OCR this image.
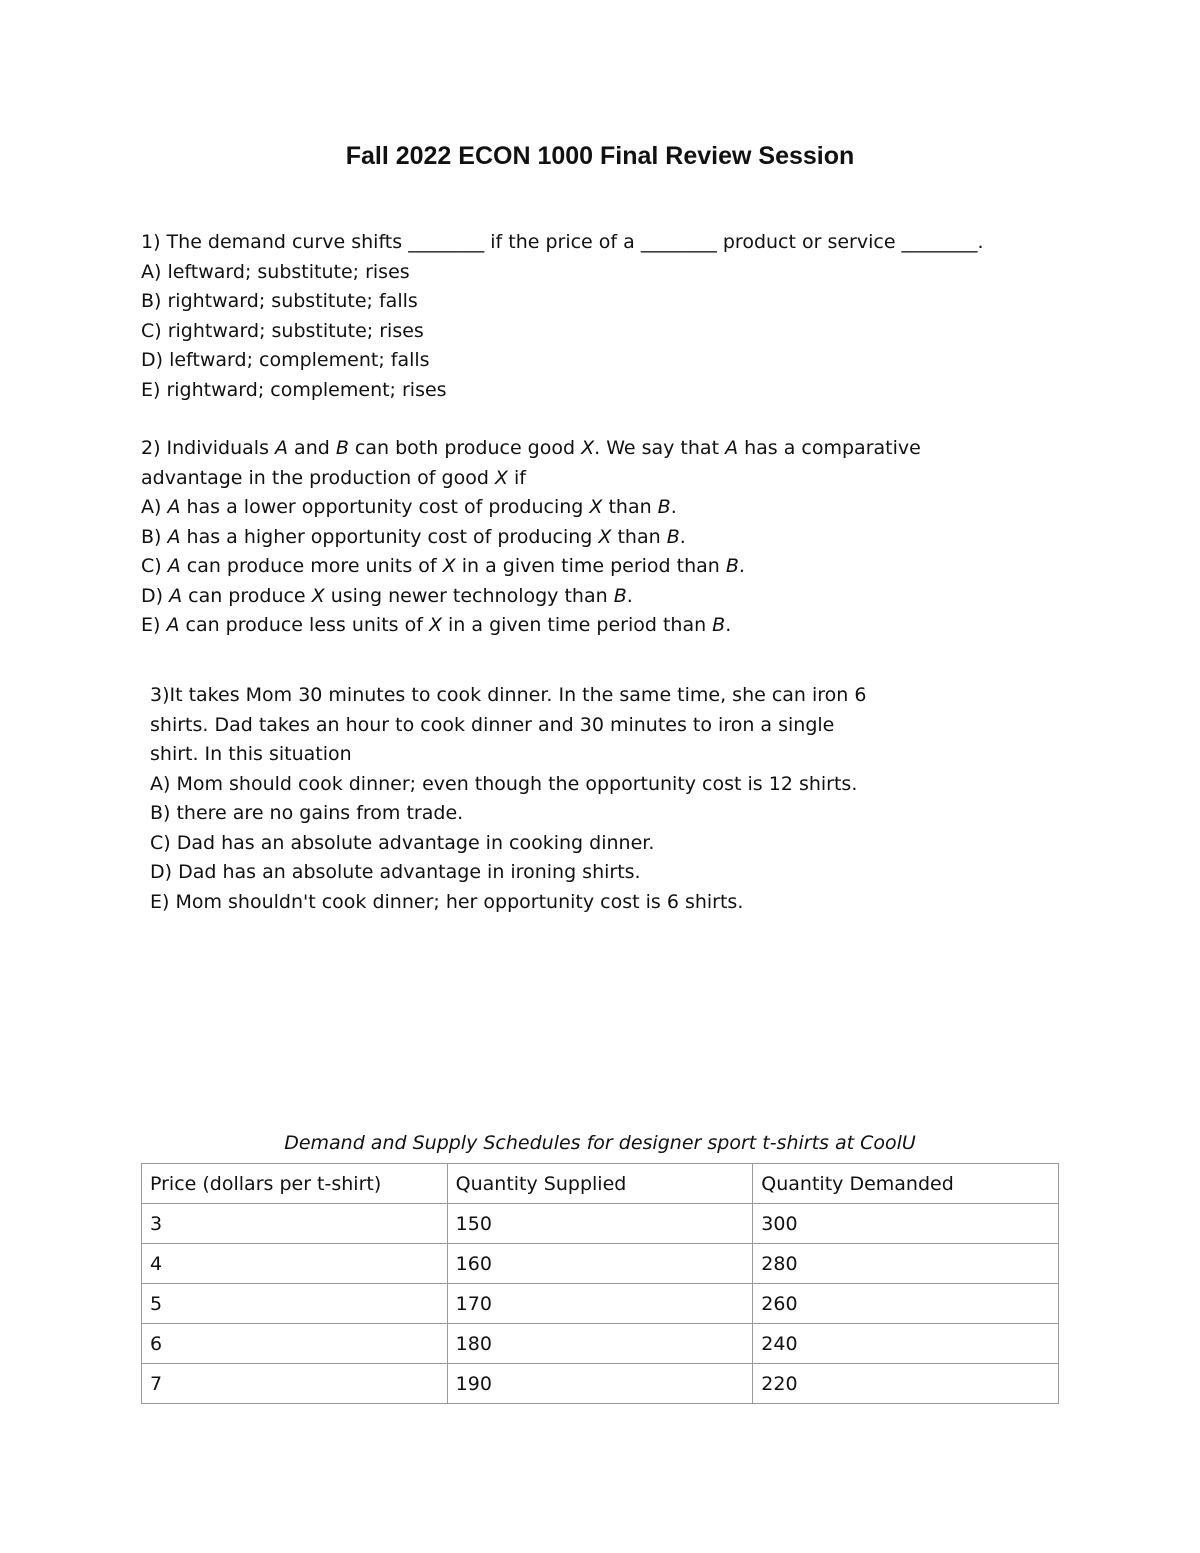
Fall 2022 ECON 1000 Final Review Session

1) The demand curve shifts ________ if the price of a ________ product or service ________.

A) leftward; substitute; rises

B) rightward; substitute; falls

C) rightward; substitute; rises

D) leftward; complement; falls

E) rightward; complement; rises

2) Individuals A and B can both produce good X. We say that A has a comparative

advantage in the production of good X if

A) A has a lower opportunity cost of producing X than B.

B) A has a higher opportunity cost of producing X than B.

C) A can produce more units of X in a given time period than B.

D) A can produce X using newer technology than B.

E) A can produce less units of X in a given time period than B.

3)It takes Mom 30 minutes to cook dinner. In the same time, she can iron 6

shirts. Dad takes an hour to cook dinner and 30 minutes to iron a single

shirt. In this situation

A) Mom should cook dinner; even though the opportunity cost is 12 shirts.

B) there are no gains from trade.

C) Dad has an absolute advantage in cooking dinner.

D) Dad has an absolute advantage in ironing shirts.

E) Mom shouldn't cook dinner; her opportunity cost is 6 shirts.

Demand and Supply Schedules for designer sport t-shirts at CoolU

Price (dollars per t-shirt)	Quantity Supplied	Quantity Demanded
3	150	300
4	160	280
5	170	260
6	180	240
7	190	220
